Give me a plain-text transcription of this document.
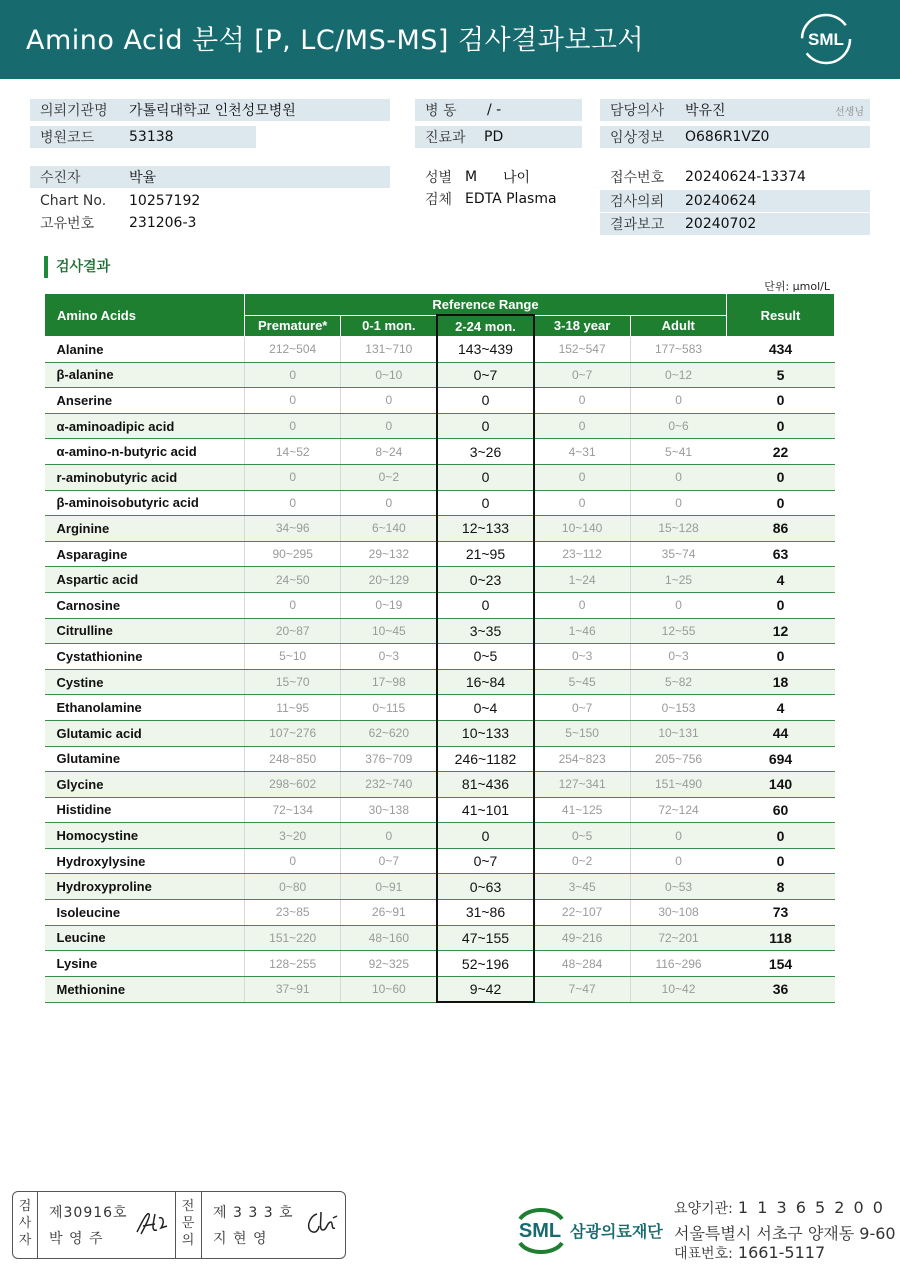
Amino Acid 분석 [P, LC/MS-MS] 검사결과보고서	SML
의뢰기관명 가톨릭대학교 인천성모병원
병원코드 53138
병 동 / -
진료과 PD
담당의사 박유진	선생님
임상정보 O686R1VZ0
수진자	박율
Chart No. 10257192
고유번호 231206-3
성별 M 나이
검체 EDTA Plasma
접수번호 20240624-13374
검사의뢰 20240624
결과보고 20240702
검사결과
단위: μmol/L
Amino Acids	Reference Range					Result
	Premature*	0-1 mon.	2-24 mon.	3-18 year	Adult	
Alanine	212~504	131~710	143~439	152~547	177~583	434
β-alanine	0	0~10	0~7	0~7	0~12	5
Anserine	0	0	0	0	0	0
α-aminoadipic acid	0	0	0	0	0~6	0
α-amino-n-butyric acid	14~52	8~24	3~26	4~31	5~41	22
r-aminobutyric acid	0	0~2	0	0	0	0
β-aminoisobutyric acid	0	0	0	0	0	0
Arginine	34~96	6~140	12~133	10~140	15~128	86
Asparagine	90~295	29~132	21~95	23~112	35~74	63
Aspartic acid	24~50	20~129	0~23	1~24	1~25	4
Carnosine	0	0~19	0	0	0	0
Citrulline	20~87	10~45	3~35	1~46	12~55	12
Cystathionine	5~10	0~3	0~5	0~3	0~3	0
Cystine	15~70	17~98	16~84	5~45	5~82	18
Ethanolamine	11~95	0~115	0~4	0~7	0~153	4
Glutamic acid	107~276	62~620	10~133	5~150	10~131	44
Glutamine	248~850	376~709	246~1182	254~823	205~756	694
Glycine	298~602	232~740	81~436	127~341	151~490	140
Histidine	72~134	30~138	41~101	41~125	72~124	60
Homocystine	3~20	0	0	0~5	0	0
Hydroxylysine	0	0~7	0~7	0~2	0	0
Hydroxyproline	0~80	0~91	0~63	3~45	0~53	8
Isoleucine	23~85	26~91	31~86	22~107	30~108	73
Leucine	151~220	48~160	47~155	49~216	72~201	118
Lysine	128~255	92~325	52~196	48~284	116~296	154
Methionine	37~91	10~60	9~42	7~47	10~42	36
검사자
제30916호
박 영 주
전문의
제 3 3 3 호
지 현 영	SML 삼광의료재단
요양기관: 1 1 3 6 5 2 0 0
서울특별시 서초구 양재동 9-60
대표번호: 1661-5117
